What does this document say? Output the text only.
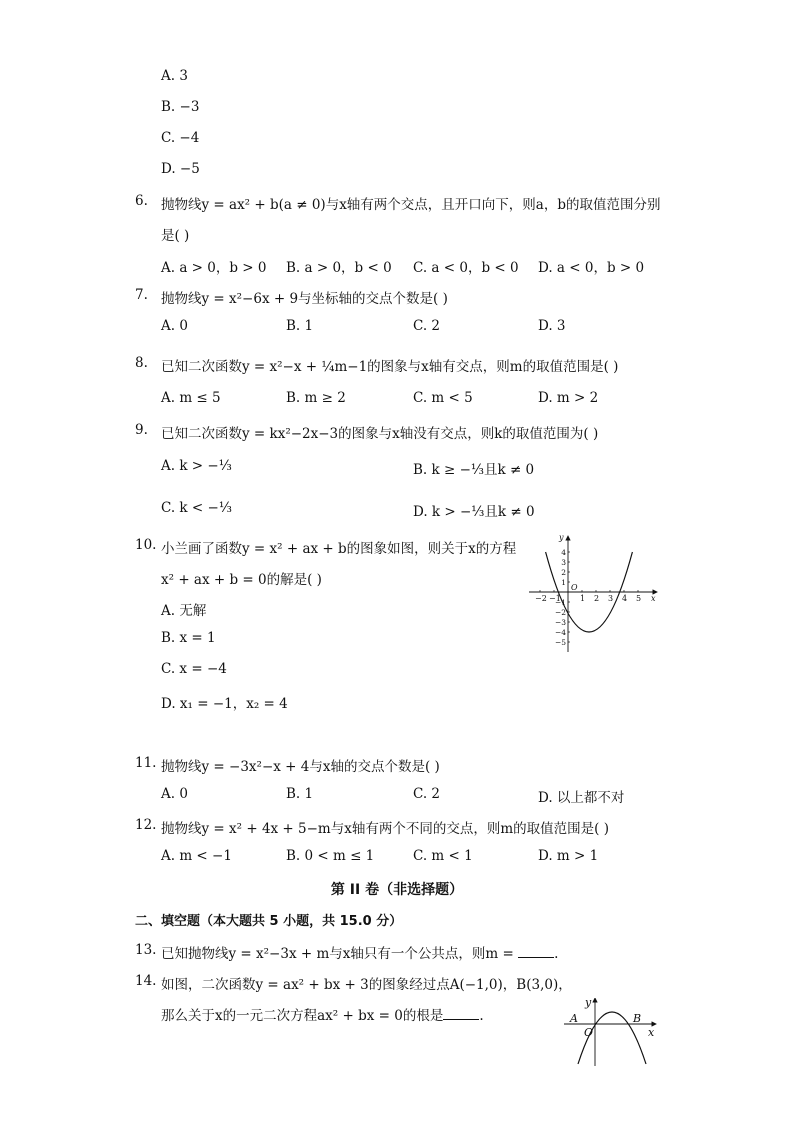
A. 3
B. −3
C. −4
D. −5
6. 抛物线y = ax² + b(a ≠ 0)与x轴有两个交点，且开口向下，则a，b的取值范围分别
是( )
A. a > 0，b > 0 B. a > 0，b < 0 C. a < 0，b < 0 D. a < 0，b > 0
7. 抛物线y = x²−6x + 9与坐标轴的交点个数是( )
A. 0	B. 1	C. 2	D. 3
8. 已知二次函数y = x²−x + ¼m−1的图象与x轴有交点，则m的取值范围是( )
A. m ≤ 5	B. m ≥ 2	C. m < 5	D. m > 2
9. 已知二次函数y = kx²−2x−3的图象与x轴没有交点，则k的取值范围为( )
A. k > −⅓	B. k ≥ −⅓且k ≠ 0
C. k < −⅓	D. k > −⅓且k ≠ 0
10. 小兰画了函数y = x² + ax + b的图象如图，则关于x的方程
x² + ax + b = 0的解是( )
A. 无解
B. x = 1
C. x = −4
D. x₁ = −1，x₂ = 4
−2 −1 1 2 3 4 5 x
y
O
4
3
2
1
−1
−2
−3
−4
−5
11. 抛物线y = −3x²−x + 4与x轴的交点个数是( )
A. 0	B. 1	C. 2	D. 以上都不对
12. 抛物线y = x² + 4x + 5−m与x轴有两个不同的交点，则m的取值范围是( )
A. m < −1	B. 0 < m ≤ 1	C. m < 1	D. m > 1
第 II 卷（非选择题）
二、填空题（本大题共 5 小题，共 15.0 分）
13. 已知抛物线y = x²−3x + m与x轴只有一个公共点，则m =	.
14. 如图，二次函数y = ax² + bx + 3的图象经过点A(−1,0)，B(3,0)，
那么关于x的一元二次方程ax² + bx = 0的根是	.	A	B
O	x
y
